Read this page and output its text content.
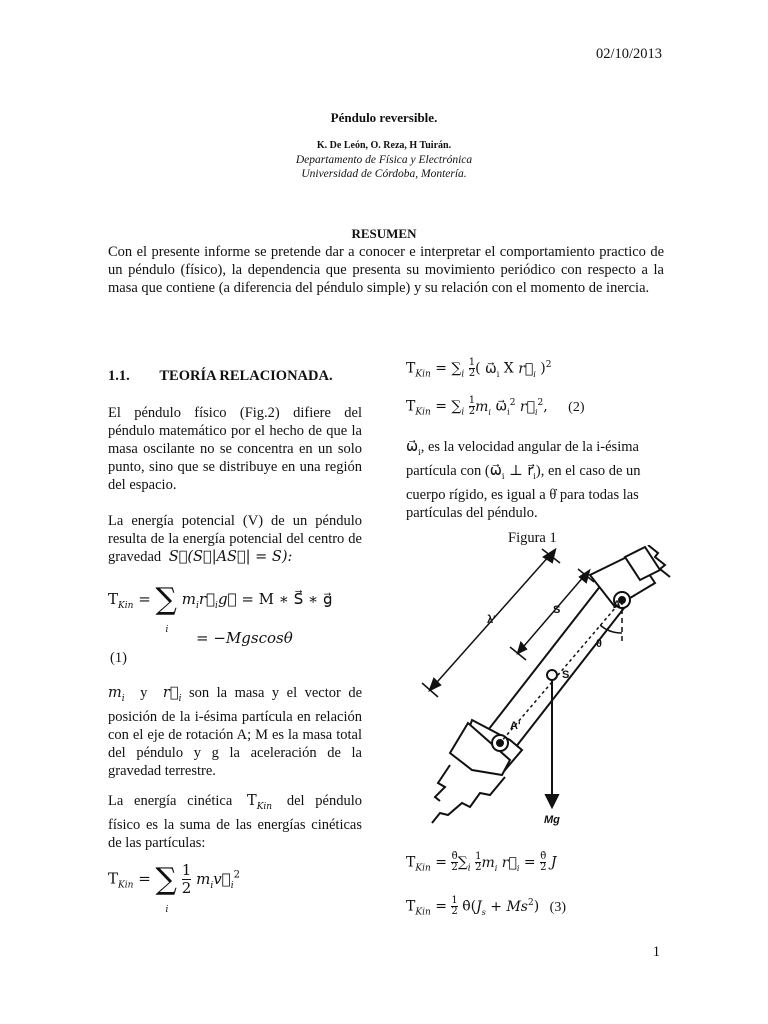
02/10/2013
Péndulo reversible.
K. De León, O. Reza, H Tuirán.
Departamento de Física y Electrónica
Universidad de Córdoba, Montería.
RESUMEN
Con el presente informe se pretende dar a conocer e interpretar el comportamiento practico de un péndulo (físico), la dependencia que presenta su movimiento periódico con respecto a la masa que contiene (a diferencia del péndulo simple) y su relación con el momento de inercia.
1.1. TEORÍA RELACIONADA.
El péndulo físico (Fig.2) difiere del péndulo matemático por el hecho de que la masa oscilante no se concentra en un solo punto, sino que se distribuye en una región del espacio.
La energía potencial (V) de un péndulo resulta de la energía potencial del centro de gravedad S⃗(S⃗|AS⃗| = S):
$T_{Kin}$ = ∑
i
$m_ir⃗_ig⃗ = M$ ∗ S⃗ ∗ g⃗
= −Mgscosθ
(1)
$m_i$ y $r⃗_i$ son la masa y el vector de posición de la i-ésima partícula en relación con el eje de rotación A; M es la masa total del péndulo y g la aceleración de la gravedad terrestre.
La energía cinética $T_{Kin}$ del péndulo físico es la suma de las energías cinéticas de las partículas:
$T_{Kin}$ = ∑
i

$\frac{1}{2}$ $m_iv⃗_i^2$
$T_{Kin} = \sum_i \frac{1}{2}$ ( $\omega⃗_i$ X $r⃗_i$ )$^2$
$T_{Kin} = \sum_i \frac{1}{2} m_i$ $\omega⃗_i^2$ $r⃗_i^2$, (2)
$\omega⃗_i$, es la velocidad angular de la i-ésima partícula con ($\omega⃗_i$ ⊥ $r⃗_i$), en el caso de un cuerpo rígido, es igual a θ̇ para todas las partículas del péndulo.
Figura 1
λ'
S	A
S
A'
θ
Mg
$T_{Kin} = \frac{\thetȧ}{2} \sum_i \frac{1}{2} m_i$ $r⃗_i = \frac{\thetȧ}{2}$ J
$T_{Kin} = \frac{1}{2}$ $\thetȧ(J_s + Ms^2)$ (3)
1
